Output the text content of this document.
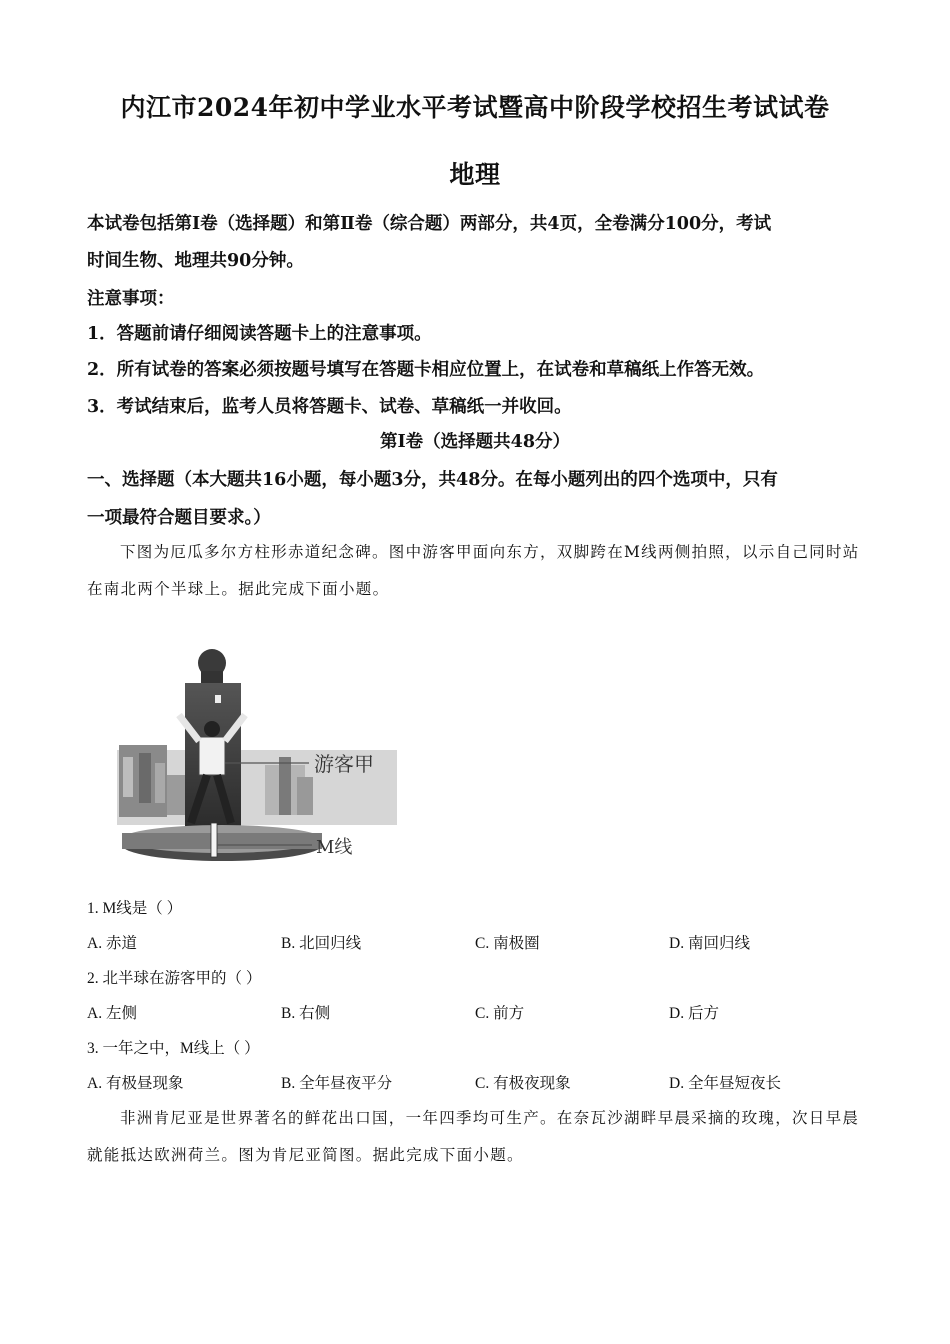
内江市2024年初中学业水平考试暨高中阶段学校招生考试试卷
地理
本试卷包括第Ⅰ卷（选择题）和第Ⅱ卷（综合题）两部分，共4页，全卷满分100分，考试
时间生物、地理共90分钟。
注意事项：
1．答题前请仔细阅读答题卡上的注意事项。
2．所有试卷的答案必须按题号填写在答题卡相应位置上，在试卷和草稿纸上作答无效。
3．考试结束后，监考人员将答题卡、试卷、草稿纸一并收回。
第Ⅰ卷（选择题共48分）
一、选择题（本大题共16小题，每小题3分，共48分。在每小题列出的四个选项中，只有
一项最符合题目要求。）
下图为厄瓜多尔方柱形赤道纪念碑。图中游客甲面向东方，双脚跨在M线两侧拍照，以示自己同时站
在南北两个半球上。据此完成下面小题。
游客甲
M线
1. M线是（ ）
A. 赤道	B. 北回归线	C. 南极圈	D. 南回归线
2. 北半球在游客甲的（ ）
A. 左侧	B. 右侧	C. 前方	D. 后方
3. 一年之中，M线上（ ）
A. 有极昼现象	B. 全年昼夜平分	C. 有极夜现象	D. 全年昼短夜长
非洲肯尼亚是世界著名的鲜花出口国，一年四季均可生产。在奈瓦沙湖畔早晨采摘的玫瑰，次日早晨
就能抵达欧洲荷兰。图为肯尼亚简图。据此完成下面小题。
